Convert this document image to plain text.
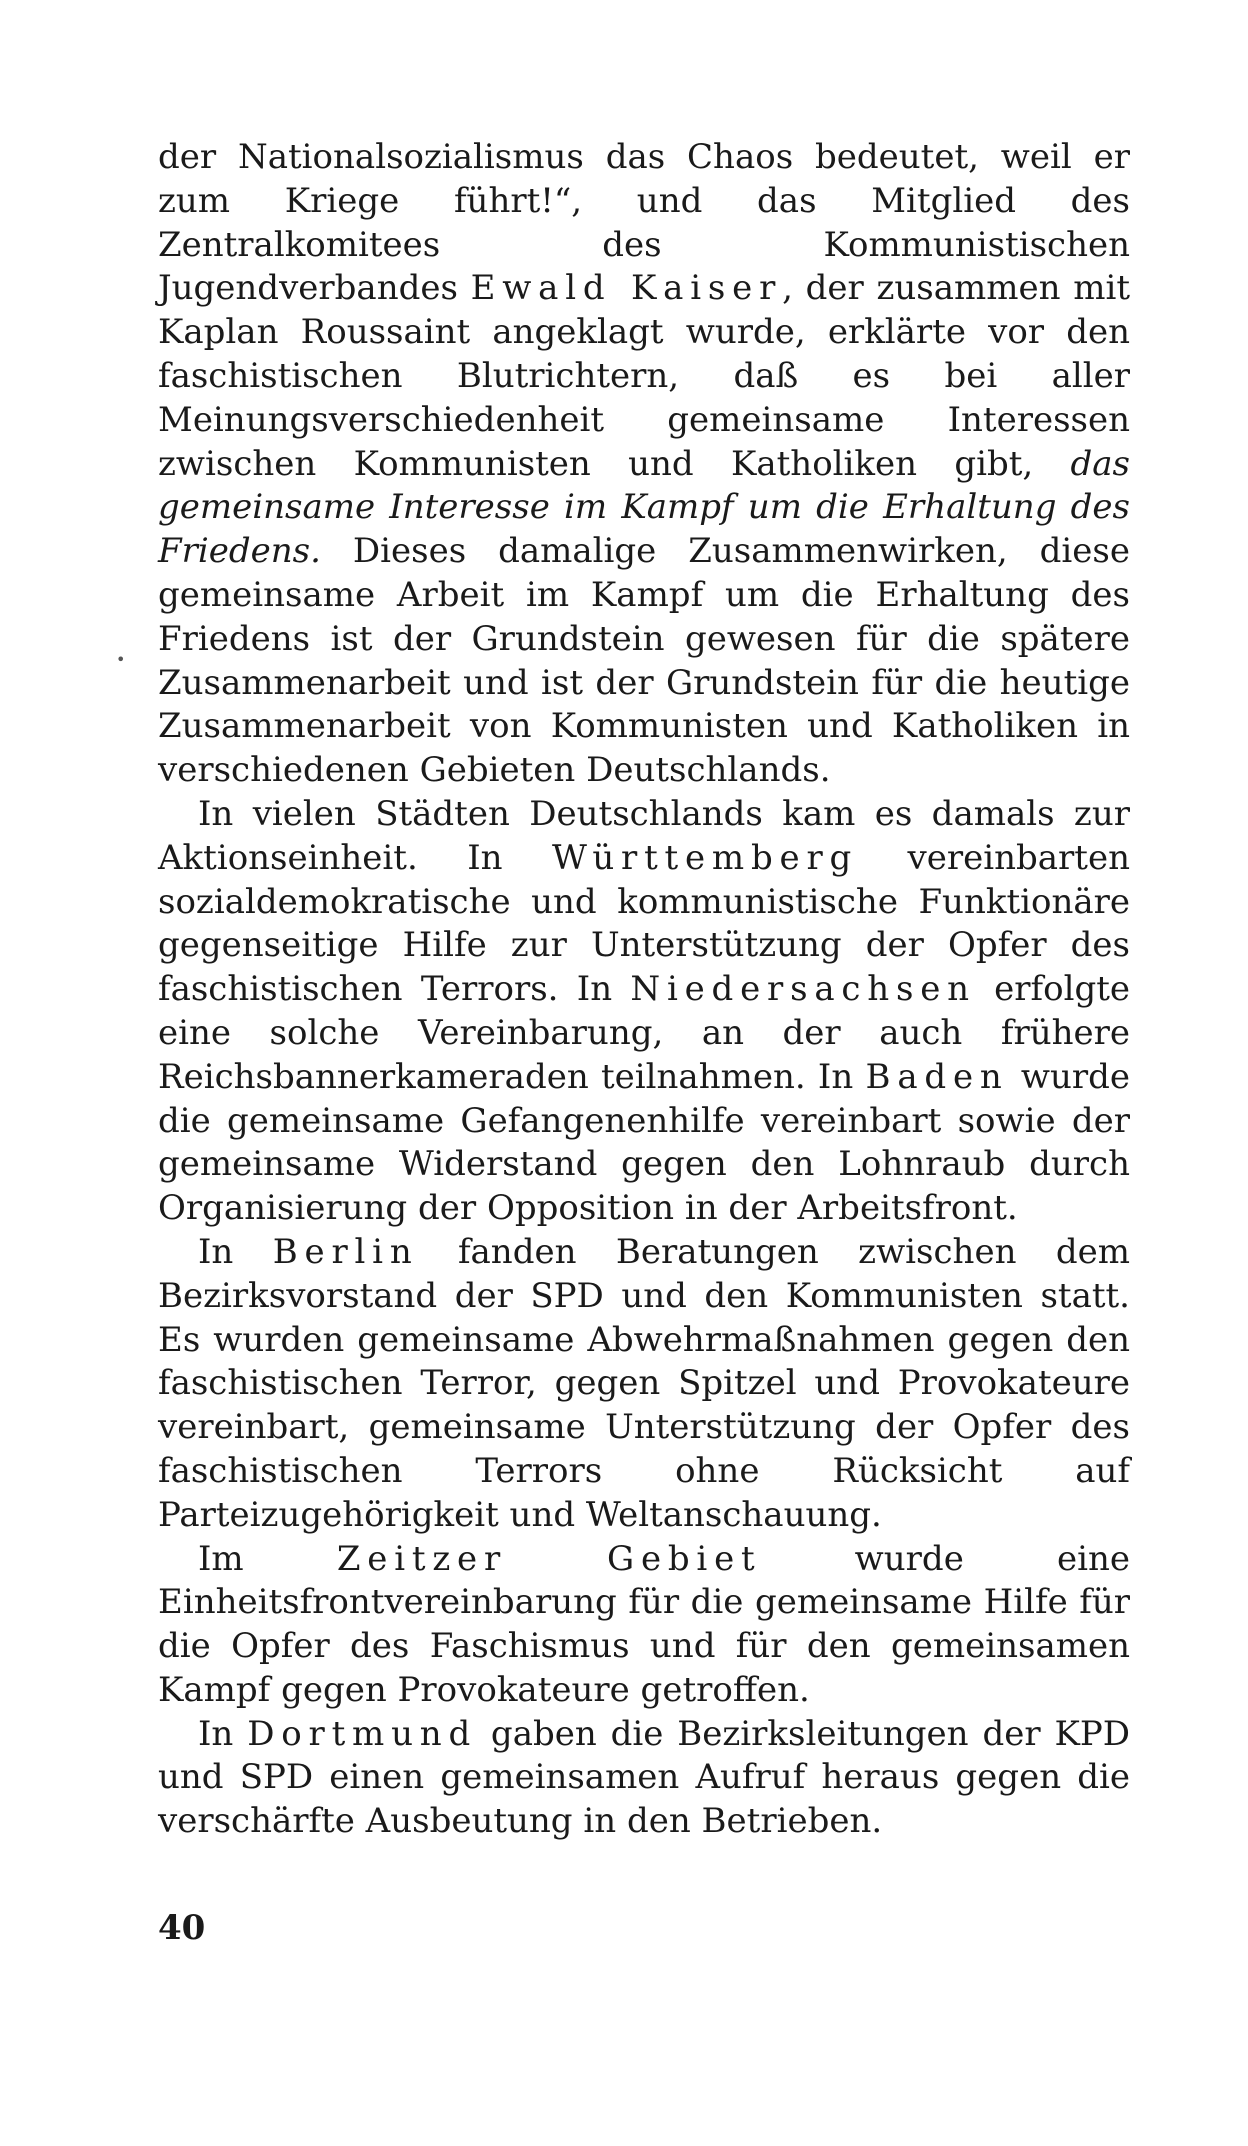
der Nationalsozialismus das Chaos bedeutet, weil er zum Kriege führt!“, und das Mitglied des Zentralkomitees des Kommunistischen Jugendverbandes Ewald Kaiser, der zusammen mit Kaplan Roussaint angeklagt wurde, erklärte vor den faschistischen Blutrichtern, daß es bei aller Meinungsverschiedenheit gemeinsame Interessen zwischen Kommunisten und Katholiken gibt, das gemeinsame Interesse im Kampf um die Erhaltung des Friedens. Dieses damalige Zusammenwirken, diese gemeinsame Arbeit im Kampf um die Erhaltung des Friedens ist der Grundstein gewesen für die spätere Zusammenarbeit und ist der Grundstein für die heutige Zusammenarbeit von Kommunisten und Katholiken in verschiedenen Gebieten Deutschlands.

In vielen Städten Deutschlands kam es damals zur Aktionseinheit. In Württemberg vereinbarten sozialdemokratische und kommunistische Funktionäre gegenseitige Hilfe zur Unterstützung der Opfer des faschistischen Terrors. In Niedersachsen erfolgte eine solche Vereinbarung, an der auch frühere Reichsbannerkameraden teilnahmen. In Baden wurde die gemeinsame Gefangenenhilfe vereinbart sowie der gemeinsame Widerstand gegen den Lohnraub durch Organisierung der Opposition in der Arbeitsfront.

In Berlin fanden Beratungen zwischen dem Bezirksvorstand der SPD und den Kommunisten statt. Es wurden gemeinsame Abwehrmaßnahmen gegen den faschistischen Terror, gegen Spitzel und Provokateure vereinbart, gemeinsame Unterstützung der Opfer des faschistischen Terrors ohne Rücksicht auf Parteizugehörigkeit und Weltanschauung.

Im Zeitzer Gebiet wurde eine Einheitsfrontvereinbarung für die gemeinsame Hilfe für die Opfer des Faschismus und für den gemeinsamen Kampf gegen Provokateure getroffen.

In Dortmund gaben die Bezirksleitungen der KPD und SPD einen gemeinsamen Aufruf heraus gegen die verschärfte Ausbeutung in den Betrieben.

40
•
